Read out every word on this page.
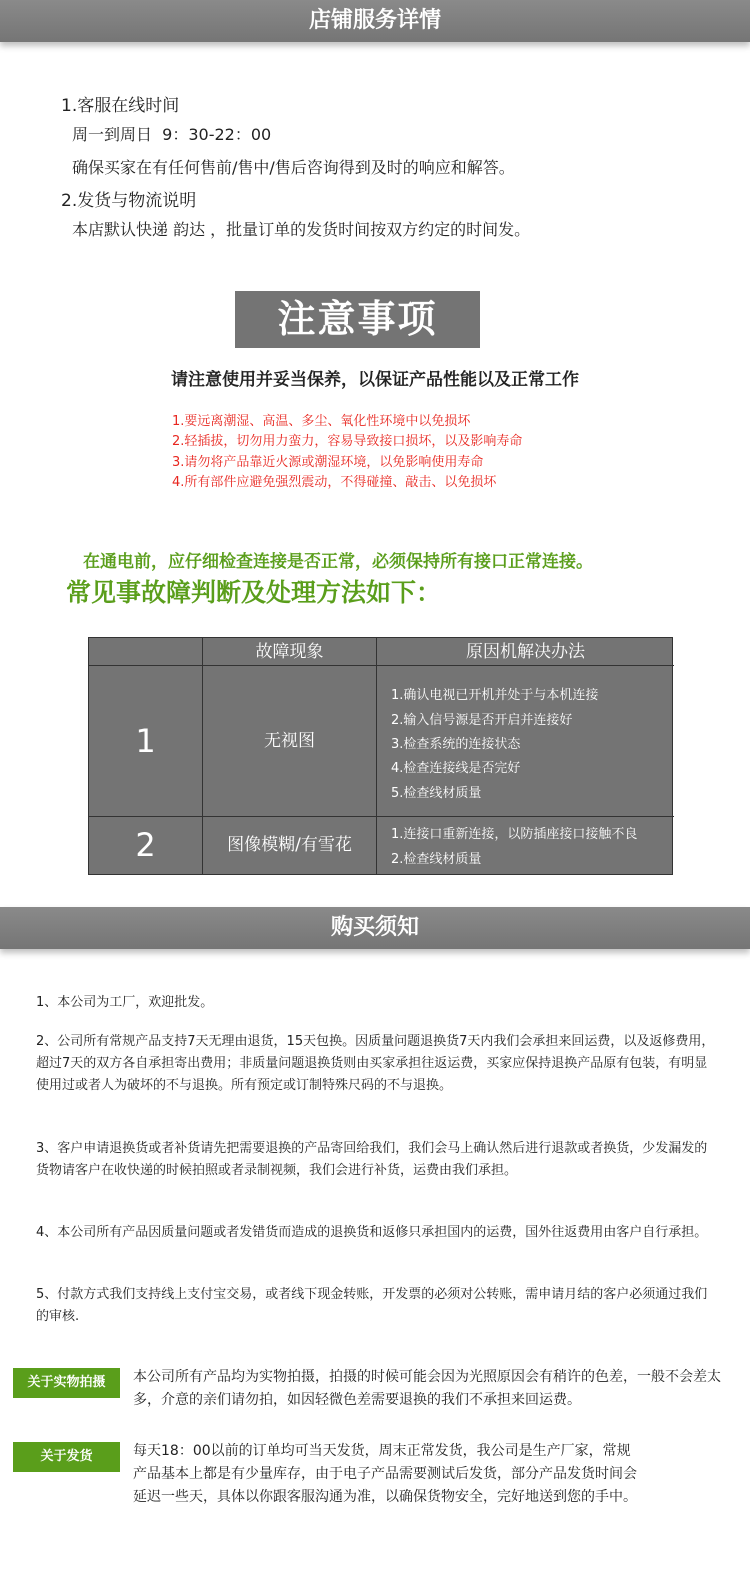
店铺服务详情
1.客服在线时间
周一到周日  9：30-22：00
确保买家在有任何售前/售中/售后咨询得到及时的响应和解答。
2.发货与物流说明
本店默认快递 韵达 ，批量订单的发货时间按双方约定的时间发。
注意事项
请注意使用并妥当保养，以保证产品性能以及正常工作
1.要远离潮湿、高温、多尘、氧化性环境中以免损坏
2.轻插拔，切勿用力蛮力，容易导致接口损坏，以及影响寿命
3.请勿将产品靠近火源或潮湿环境，以免影响使用寿命
4.所有部件应避免强烈震动，不得碰撞、敲击、以免损坏
在通电前，应仔细检查连接是否正常，必须保持所有接口正常连接。
常见事故障判断及处理方法如下：
故障现象	原因机解决办法
1	无视图
1.确认电视已开机并处于与本机连接
2.输入信号源是否开启并连接好
3.检查系统的连接状态
4.检查连接线是否完好
5.检查线材质量
2	图像模糊/有雪花
1.连接口重新连接，以防插座接口接触不良
2.检查线材质量
购买须知
1、本公司为工厂，欢迎批发。
2、公司所有常规产品支持7天无理由退货，15天包换。因质量问题退换货7天内我们会承担来回运费，以及返修费用，超过7天的双方各自承担寄出费用；非质量问题退换货则由买家承担往返运费，买家应保持退换产品原有包装，有明显使用过或者人为破坏的不与退换。所有预定或订制特殊尺码的不与退换。
3、客户申请退换货或者补货请先把需要退换的产品寄回给我们，我们会马上确认然后进行退款或者换货，少发漏发的货物请客户在收快递的时候拍照或者录制视频，我们会进行补货，运费由我们承担。
4、本公司所有产品因质量问题或者发错货而造成的退换货和返修只承担国内的运费，国外往返费用由客户自行承担。
5、付款方式我们支持线上支付宝交易，或者线下现金转账，开发票的必须对公转账，需申请月结的客户必须通过我们的审核.
关于实物拍摄	本公司所有产品均为实物拍摄，拍摄的时候可能会因为光照原因会有稍许的色差，一般不会差太多，介意的亲们请勿拍，如因轻微色差需要退换的我们不承担来回运费。
关于发货	每天18：00以前的订单均可当天发货，周末正常发货，我公司是生产厂家，常规产品基本上都是有少量库存，由于电子产品需要测试后发货，部分产品发货时间会延迟一些天，具体以你跟客服沟通为准，以确保货物安全，完好地送到您的手中。
